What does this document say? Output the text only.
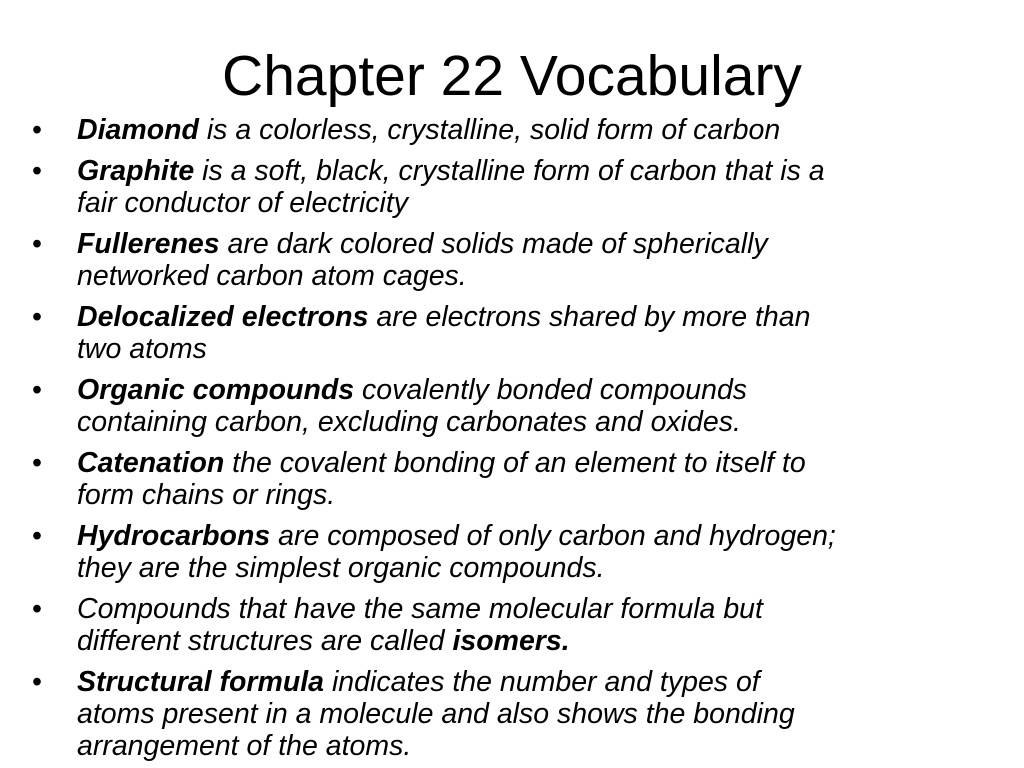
Chapter 22 Vocabulary
• Diamond is a colorless, crystalline, solid form of carbon
• Graphite is a soft, black, crystalline form of carbon that is a
fair conductor of electricity
• Fullerenes are dark colored solids made of spherically
networked carbon atom cages.
• Delocalized electrons are electrons shared by more than
two atoms
• Organic compounds covalently bonded compounds
containing carbon, excluding carbonates and oxides.
• Catenation the covalent bonding of an element to itself to
form chains or rings.
• Hydrocarbons are composed of only carbon and hydrogen;
they are the simplest organic compounds.
• Compounds that have the same molecular formula but
different structures are called isomers.
• Structural formula indicates the number and types of
atoms present in a molecule and also shows the bonding
arrangement of the atoms.
